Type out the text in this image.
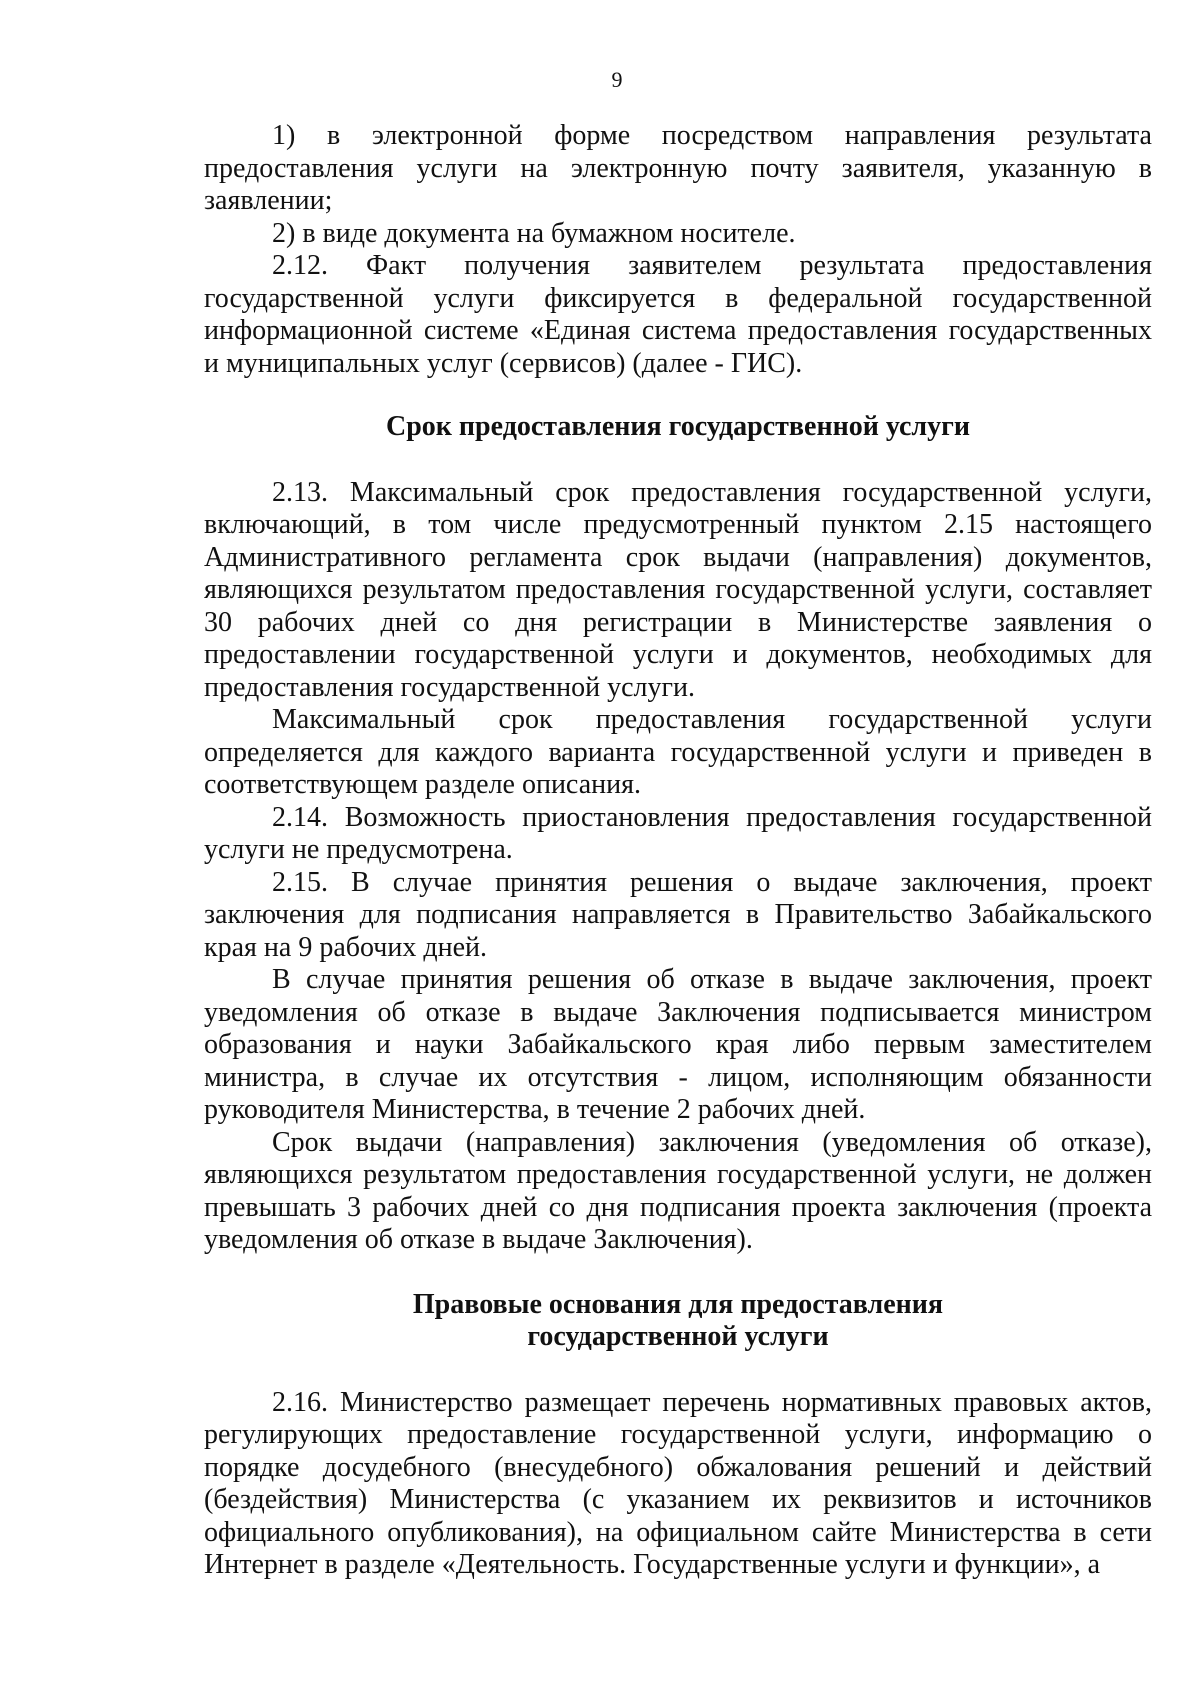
9

1) в электронной форме посредством направления результата предоставления услуги на электронную почту заявителя, указанную в заявлении;

2) в виде документа на бумажном носителе.

2.12. Факт получения заявителем результата предоставления государственной услуги фиксируется в федеральной государственной информационной системе «Единая система предоставления государственных и муниципальных услуг (сервисов) (далее - ГИС).

Срок предоставления государственной услуги

2.13. Максимальный срок предоставления государственной услуги, включающий, в том числе предусмотренный пунктом 2.15 настоящего Административного регламента срок выдачи (направления) документов, являющихся результатом предоставления государственной услуги, составляет 30 рабочих дней со дня регистрации в Министерстве заявления о предоставлении государственной услуги и документов, необходимых для предоставления государственной услуги.

Максимальный срок предоставления государственной услуги определяется для каждого варианта государственной услуги и приведен в соответствующем разделе описания.

2.14. Возможность приостановления предоставления государственной услуги не предусмотрена.

2.15. В случае принятия решения о выдаче заключения, проект заключения для подписания направляется в Правительство Забайкальского края на 9 рабочих дней.

В случае принятия решения об отказе в выдаче заключения, проект уведомления об отказе в выдаче Заключения подписывается министром образования и науки Забайкальского края либо первым заместителем министра, в случае их отсутствия - лицом, исполняющим обязанности руководителя Министерства, в течение 2 рабочих дней.

Срок выдачи (направления) заключения (уведомления об отказе), являющихся результатом предоставления государственной услуги, не должен превышать 3 рабочих дней со дня подписания проекта заключения (проекта уведомления об отказе в выдаче Заключения).

Правовые основания для предоставления
государственной услуги

2.16. Министерство размещает перечень нормативных правовых актов, регулирующих предоставление государственной услуги, информацию о порядке досудебного (внесудебного) обжалования решений и действий (бездействия) Министерства (с указанием их реквизитов и источников официального опубликования), на официальном сайте Министерства в сети Интернет в разделе «Деятельность. Государственные услуги и функции», а
